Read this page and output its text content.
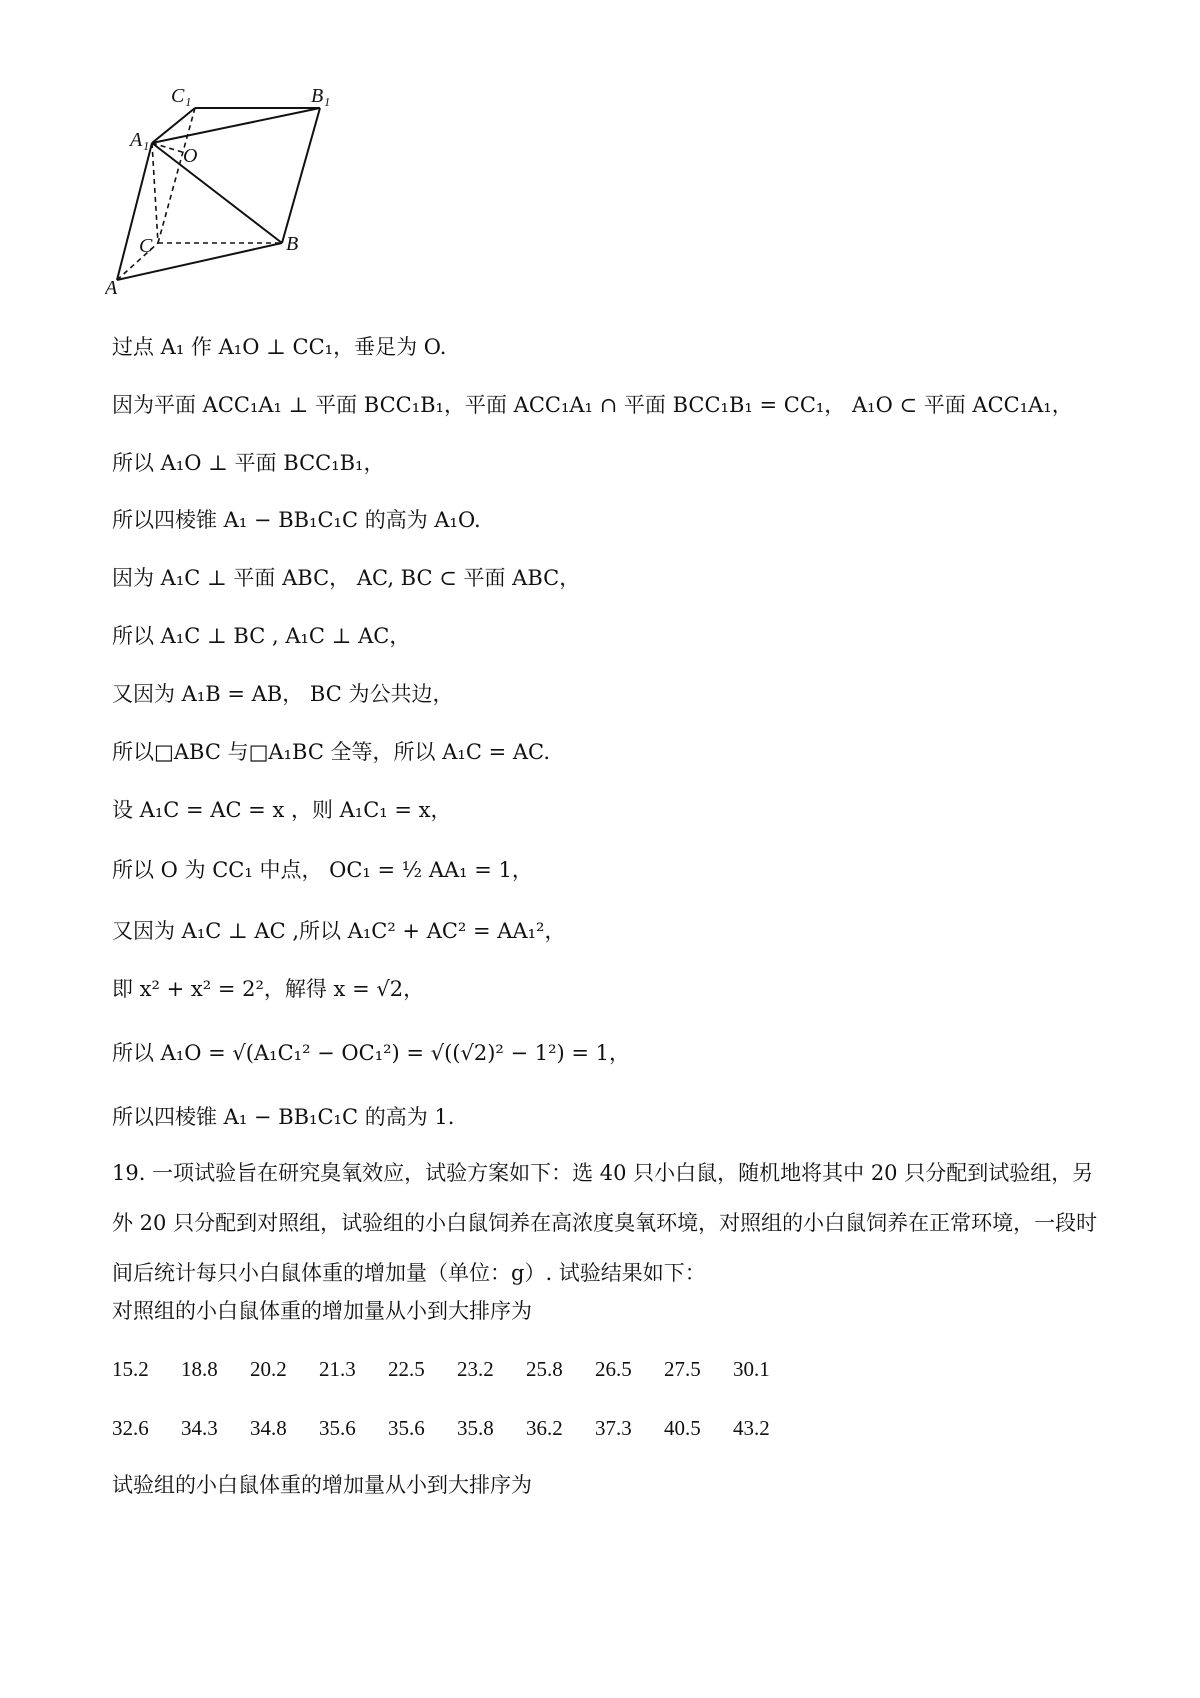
C₁	B₁
A₁
O
C	B
A
过点 A₁ 作 A₁O ⊥ CC₁，垂足为 O.
因为平面 ACC₁A₁ ⊥ 平面 BCC₁B₁，平面 ACC₁A₁ ∩ 平面 BCC₁B₁ = CC₁， A₁O ⊂ 平面 ACC₁A₁，
所以 A₁O ⊥ 平面 BCC₁B₁，
所以四棱锥 A₁ − BB₁C₁C 的高为 A₁O.
因为 A₁C ⊥ 平面 ABC， AC, BC ⊂ 平面 ABC，
所以 A₁C ⊥ BC , A₁C ⊥ AC，
又因为 A₁B = AB， BC 为公共边，
所以□ABC 与□A₁BC 全等，所以 A₁C = AC.
设 A₁C = AC = x ，则 A₁C₁ = x，
所以 O 为 CC₁ 中点， OC₁ = ½ AA₁ = 1，
又因为 A₁C ⊥ AC ,所以 A₁C² + AC² = AA₁²，
即 x² + x² = 2²，解得 x = √2，
所以 A₁O = √(A₁C₁² − OC₁²) = √((√2)² − 1²) = 1，
所以四棱锥 A₁ − BB₁C₁C 的高为 1.
19. 一项试验旨在研究臭氧效应，试验方案如下：选 40 只小白鼠，随机地将其中 20 只分配到试验组，另外 20 只分配到对照组，试验组的小白鼠饲养在高浓度臭氧环境，对照组的小白鼠饲养在正常环境，一段时间后统计每只小白鼠体重的增加量（单位：g）. 试验结果如下：
对照组的小白鼠体重的增加量从小到大排序为
15.2 18.8 20.2 21.3 22.5 23.2 25.8 26.5 27.5 30.1
32.6 34.3 34.8 35.6 35.6 35.8 36.2 37.3 40.5 43.2
试验组的小白鼠体重的增加量从小到大排序为
